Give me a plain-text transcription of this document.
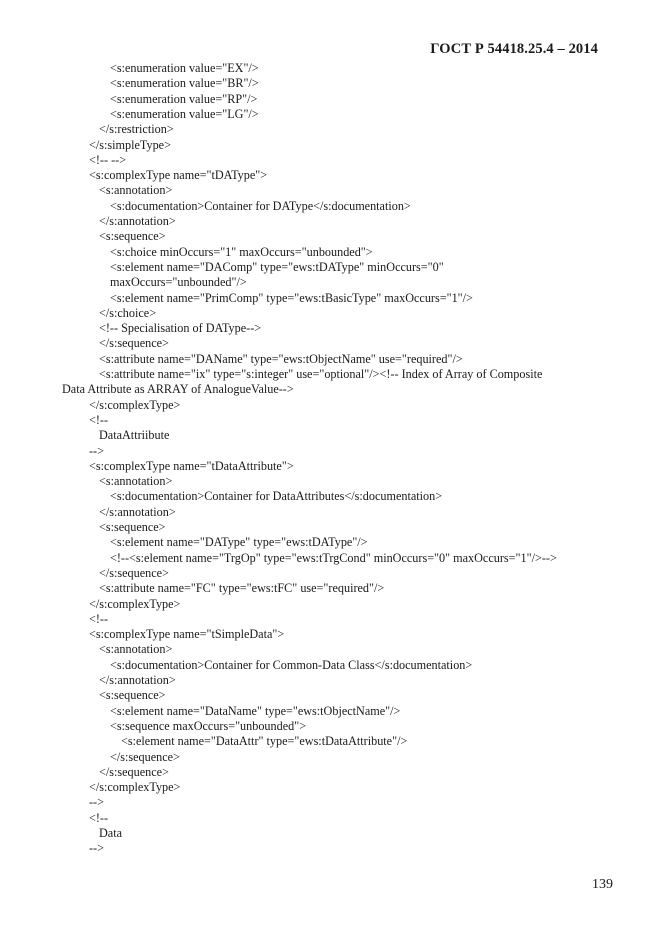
ГОСТ Р 54418.25.4 – 2014
<s:enumeration value="EX"/>
<s:enumeration value="BR"/>
<s:enumeration value="RP"/>
<s:enumeration value="LG"/>
</s:restriction>
</s:simpleType>
<!-- -->
<s:complexType name="tDAType">
<s:annotation>
<s:documentation>Container for DAType</s:documentation>
</s:annotation>
<s:sequence>
<s:choice minOccurs="1" maxOccurs="unbounded">
<s:element name="DAComp" type="ews:tDAType" minOccurs="0"
maxOccurs="unbounded"/>
<s:element name="PrimComp" type="ews:tBasicType" maxOccurs="1"/>
</s:choice>
<!-- Specialisation of DAType-->
</s:sequence>
<s:attribute name="DAName" type="ews:tObjectName" use="required"/>
<s:attribute name="ix" type="s:integer" use="optional"/><!-- Index of Array of Composite
Data Attribute as ARRAY of AnalogueValue-->
</s:complexType>
<!--
DataAttriibute
-->
<s:complexType name="tDataAttribute">
<s:annotation>
<s:documentation>Container for DataAttributes</s:documentation>
</s:annotation>
<s:sequence>
<s:element name="DAType" type="ews:tDAType"/>
<!--<s:element name="TrgOp" type="ews:tTrgCond" minOccurs="0" maxOccurs="1"/>-->
</s:sequence>
<s:attribute name="FC" type="ews:tFC" use="required"/>
</s:complexType>
<!--
<s:complexType name="tSimpleData">
<s:annotation>
<s:documentation>Container for Common-Data Class</s:documentation>
</s:annotation>
<s:sequence>
<s:element name="DataName" type="ews:tObjectName"/>
<s:sequence maxOccurs="unbounded">
<s:element name="DataAttr" type="ews:tDataAttribute"/>
</s:sequence>
</s:sequence>
</s:complexType>
-->
<!--
Data
-->
139
